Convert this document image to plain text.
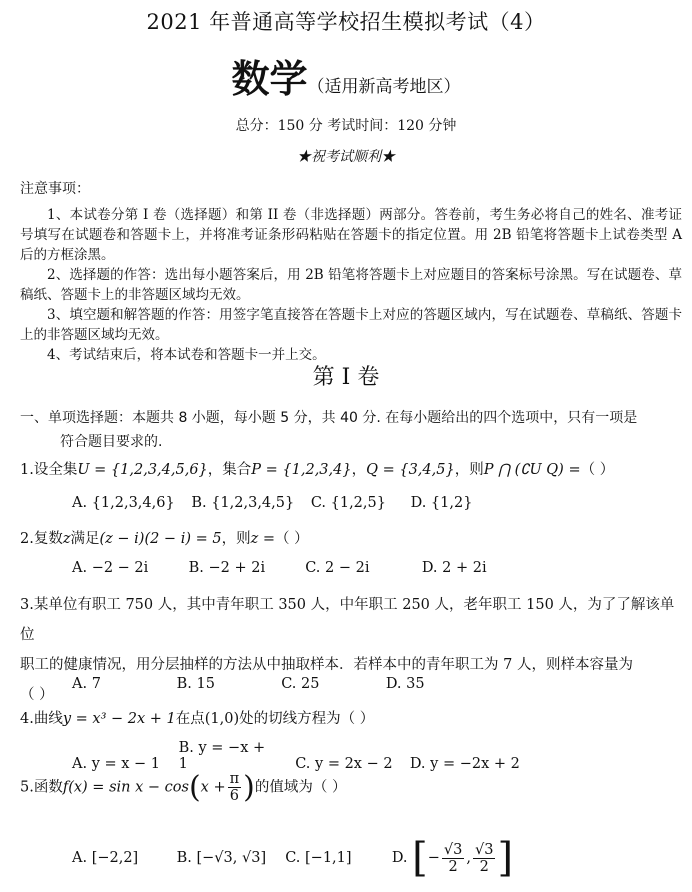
2021 年普通高等学校招生模拟考试（4）
数学（适用新高考地区）
总分：150 分 考试时间：120 分钟
★祝考试顺利★
注意事项：

1、本试卷分第 I 卷（选择题）和第 II 卷（非选择题）两部分。答卷前，考生务必将自己的姓名、准考证号填写在试题卷和答题卡上，并将准考证条形码粘贴在答题卡的指定位置。用 2B 铅笔将答题卡上试卷类型 A 后的方框涂黑。

2、选择题的作答：选出每小题答案后，用 2B 铅笔将答题卡上对应题目的答案标号涂黑。写在试题卷、草稿纸、答题卡上的非答题区域均无效。

3、填空题和解答题的作答：用签字笔直接答在答题卡上对应的答题区域内，写在试题卷、草稿纸、答题卡上的非答题区域均无效。

4、考试结束后，将本试卷和答题卡一并上交。

第 I 卷
一、单项选择题：本题共 8 小题，每小题 5 分，共 40 分. 在每小题给出的四个选项中，只有一项是
符合题目要求的.
1.设全集U = {1,2,3,4,5,6}，集合P = {1,2,3,4}，Q = {3,4,5}，则P ⋂ (∁U Q) =（ ）
A. {1,2,3,4,6} B. {1,2,3,4,5} C. {1,2,5} D. {1,2}
2.复数z满足(z − i)(2 − i) = 5，则z =（ ）
A. −2 − 2i	B. −2 + 2i	C. 2 − 2i	D. 2 + 2i
3.某单位有职工 750 人，其中青年职工 350 人，中年职工 250 人，老年职工 150 人，为了了解该单位
职工的健康情况，用分层抽样的方法从中抽取样本．若样本中的青年职工为 7 人，则样本容量为
（ ）
A. 7	B. 15	C. 25	D. 35
4.曲线y = x³ − 2x + 1在点(1,0)处的切线方程为（ ）
A. y = x − 1 B. y = −x + 1	C. y = 2x − 2 D. y = −2x + 2
5.函数$f(x) = \sin x - \cos(x + \frac{\pi}{6}$ )的值域为（ ）
A. [−2,2]	B. [−√3, √3] C. [−1,1]	D. [− $\frac{√3}{2}$ , $\frac{√3}{2}$ ]
